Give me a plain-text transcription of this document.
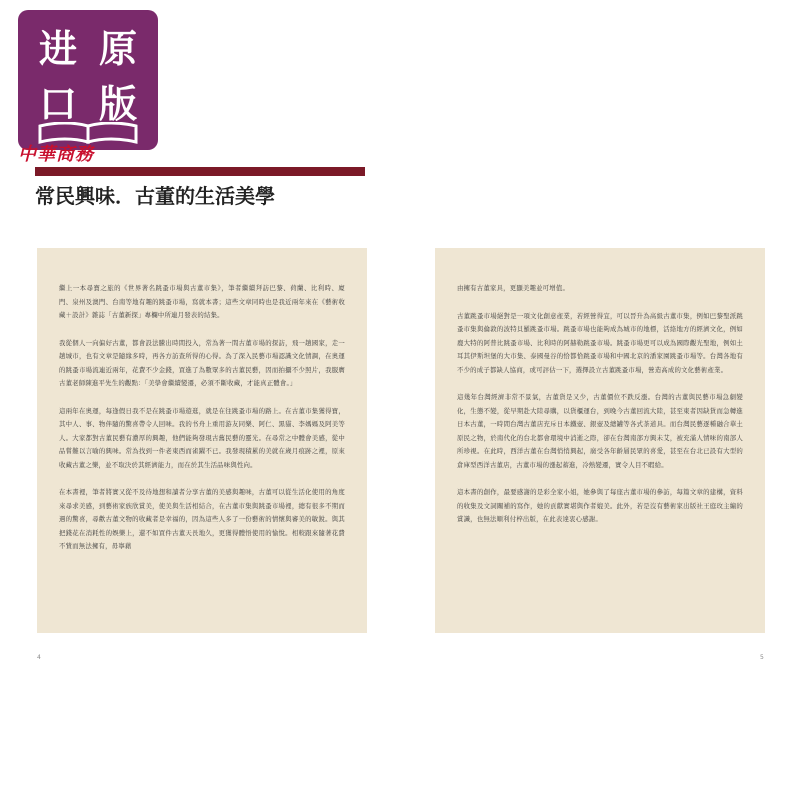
进 原
口 版
中華商務
常民興味．古董的生活美學

繼上一本尋寶之旅的《世界著名跳蚤市場與古董市集》，筆者繼續拜訪巴黎、荷蘭、比利時、廈門、泉州及澳門、台南等地有趣的跳蚤市場，寫就本書；這些文章同時也是我近兩年來在《藝術收藏＋設計》雜誌「古董新探」專欄中所連月發表的結集。

我從個人一向偏好古董，都會設法騰出時間投入，常為著一間古董市場的探訪，飛一趟國家，走一趟城市，也有文章是隨緣多時，再各方訪查所得的心得。為了深入民藝市場認識文化情調，在奧運的跳蚤市場流連近兩年，花費不少金錢，買進了為數眾多的古董民藝，因而拍攝不少照片，我服膺古董老師陳進平先生的觀點：「美學會繼續變遷，必須不斷收藏，才能真正體會。」

這兩年在奧運，每逢假日我不是在跳蚤市場遊逛，就是在往跳蚤市場的路上。在古董市集獲得寶，其中人、事、物伴隨的驚喜帶令人回味。我的书舟上重用游友同樂、阿仁、黑貓、李媽媽及阿美等人。大家都對古董民藝有濃厚的興趣，他們能夠發現古舊民藝的靈光。在尋常之中體會美感，從中品嘗難以言喻的興味。常為找到一件老東西而雀躍不已。我發現積累的美就在歲月痕跡之裡，原來收藏古董之樂，並不取決於其經濟能力，而在於其生活品味與性向。

在本書裡，筆者將實又從不及待地想和讀者分享古董的美感與趣味，古董可以從生活化使用的角度來尋求美感，到藝術家族欣賞美，使美與生活相結合，在古董市集與跳蚤市場裡，總有很多不期而遇的驚喜，尋歡古董文物的收藏者是幸福的，因為這些人多了一份藝術的情懷與審美的敏銳。與其把錢花在消耗性的娛樂上，還不如買件古董天長地久，更獲得體悟使用的愉悅。相較跟來隨著花費不貲而無法擁有，毋寧藉

由擁有古董家具，更顯美趣並可增值。

古董跳蚤市場絕對是一項文化創意產業，若經營得宜，可以晉升為高級古董市集，例如巴黎聖派跳蚤市集與倫敦的波特貝羅跳蚤市場。跳蚤市場也能夠成為城市的地標，活絡地方的經濟文化，例如鹿大特的阿普比跳蚤市場、比利時的阿赫勒跳蚤市場。跳蚤市場更可以成為國際觀光聖地，例如土耳其伊斯坦堡的大市集、泰國曼谷的恰都恰跳蚤市場和中國北京的潘家園跳蚤市場等。台灣各地有不少的成子都缺人協商，或可評估一下，選擇設立古董跳蚤市場，營造高成的文化藝術產業。

這幾年台灣經濟非常不景氣，古董貨是又少，古董價位不跌反漲。台灣的古董與民藝市場急劇變化，生態不變，從早期赴大陸尋購，以貨櫃運台，到晚今古董回流大陸，甚至東者因缺貨而急轉進日本古董，一時間台灣古董店充斥日本鐵壺、銀壺及總罐等各式茶道具。而台灣民藝逐種融合華土原民之物，於南代化的台北都會環境中消逝之際，卻在台灣南部方興未艾，被充滿人情味的南部人所珍視。在此時，西洋古董在台灣悄悄興起，廣受各年齡層民眾的喜愛，甚至在台北已設有大型的倉庫型西洋古董店，古董市場的漲起蓄進，冷熱變遷，實令人目不暇給。

這本書的創作，最要感謝的是彩全家小姐，她參與了每座古董市場的參訪，每篇文章的建構，資料的收集及文詞關補的寫作，她的貢獻實堪與作者媲美。此外，若是沒有藝術家出版社王庭玫主編的賞識，也無法順利付梓出版，在此表達衷心感謝。

4	5
